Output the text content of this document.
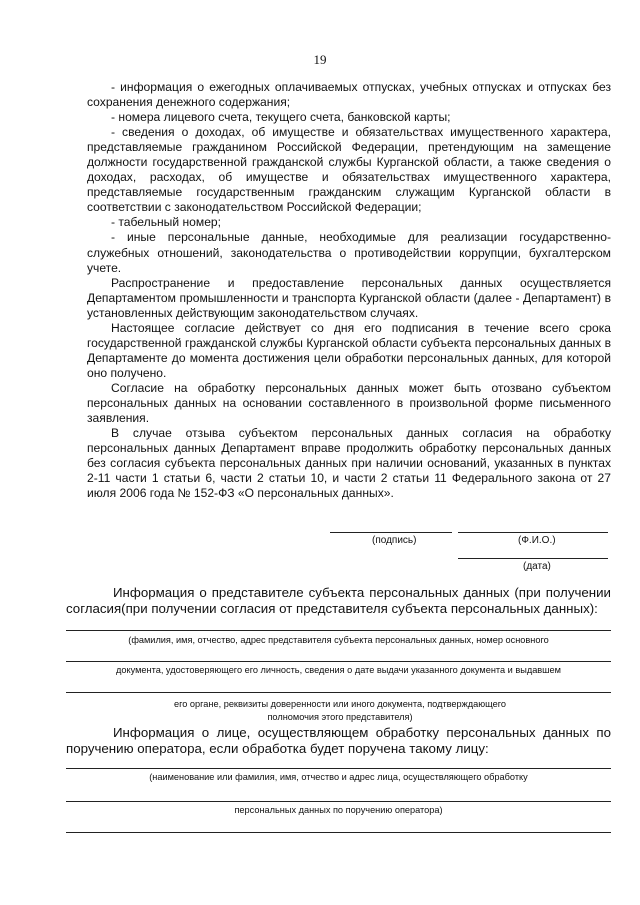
19

- информация о ежегодных оплачиваемых отпусках, учебных отпусках и отпусках без сохранения денежного содержания;

- номера лицевого счета, текущего счета, банковской карты;

- сведения о доходах, об имуществе и обязательствах имущественного характера, представляемые гражданином Российской Федерации, претендующим на замещение должности государственной гражданской службы Курганской области, а также сведения о доходах, расходах, об имуществе и обязательствах имущественного характера, представляемые государственным гражданским служащим Курганской области в соответствии с законодательством Российской Федерации;

- табельный номер;

- иные персональные данные, необходимые для реализации государственно-служебных отношений, законодательства о противодействии коррупции, бухгалтерском учете.

Распространение и предоставление персональных данных осуществляется Департаментом промышленности и транспорта Курганской области (далее - Департамент) в установленных действующим законодательством случаях.

Настоящее согласие действует со дня его подписания в течение всего срока государственной гражданской службы Курганской области субъекта персональных данных в Департаменте до момента достижения цели обработки персональных данных, для которой оно получено.

Согласие на обработку персональных данных может быть отозвано субъектом персональных данных на основании составленного в произвольной форме письменного заявления.

В случае отзыва субъектом персональных данных согласия на обработку персональных данных Департамент вправе продолжить обработку персональных данных без согласия субъекта персональных данных при наличии оснований, указанных в пунктах 2-11 части 1 статьи 6, части 2 статьи 10, и части 2 статьи 11 Федерального закона от 27 июля 2006 года № 152-ФЗ «О персональных данных».

(подпись)	(Ф.И.О.)
(дата)

Информация о представителе субъекта персональных данных (при получении согласия(при получении согласия от представителя субъекта персональных данных):

(фамилия, имя, отчество, адрес представителя субъекта персональных данных, номер основного
документа, удостоверяющего его личность, сведения о дате выдачи указанного документа и выдавшем
его органе, реквизиты доверенности или иного документа, подтверждающего полномочия этого представителя)

Информация о лице, осуществляющем обработку персональных данных по поручению оператора, если обработка будет поручена такому лицу:

(наименование или фамилия, имя, отчество и адрес лица, осуществляющего обработку
персональных данных по поручению оператора)
